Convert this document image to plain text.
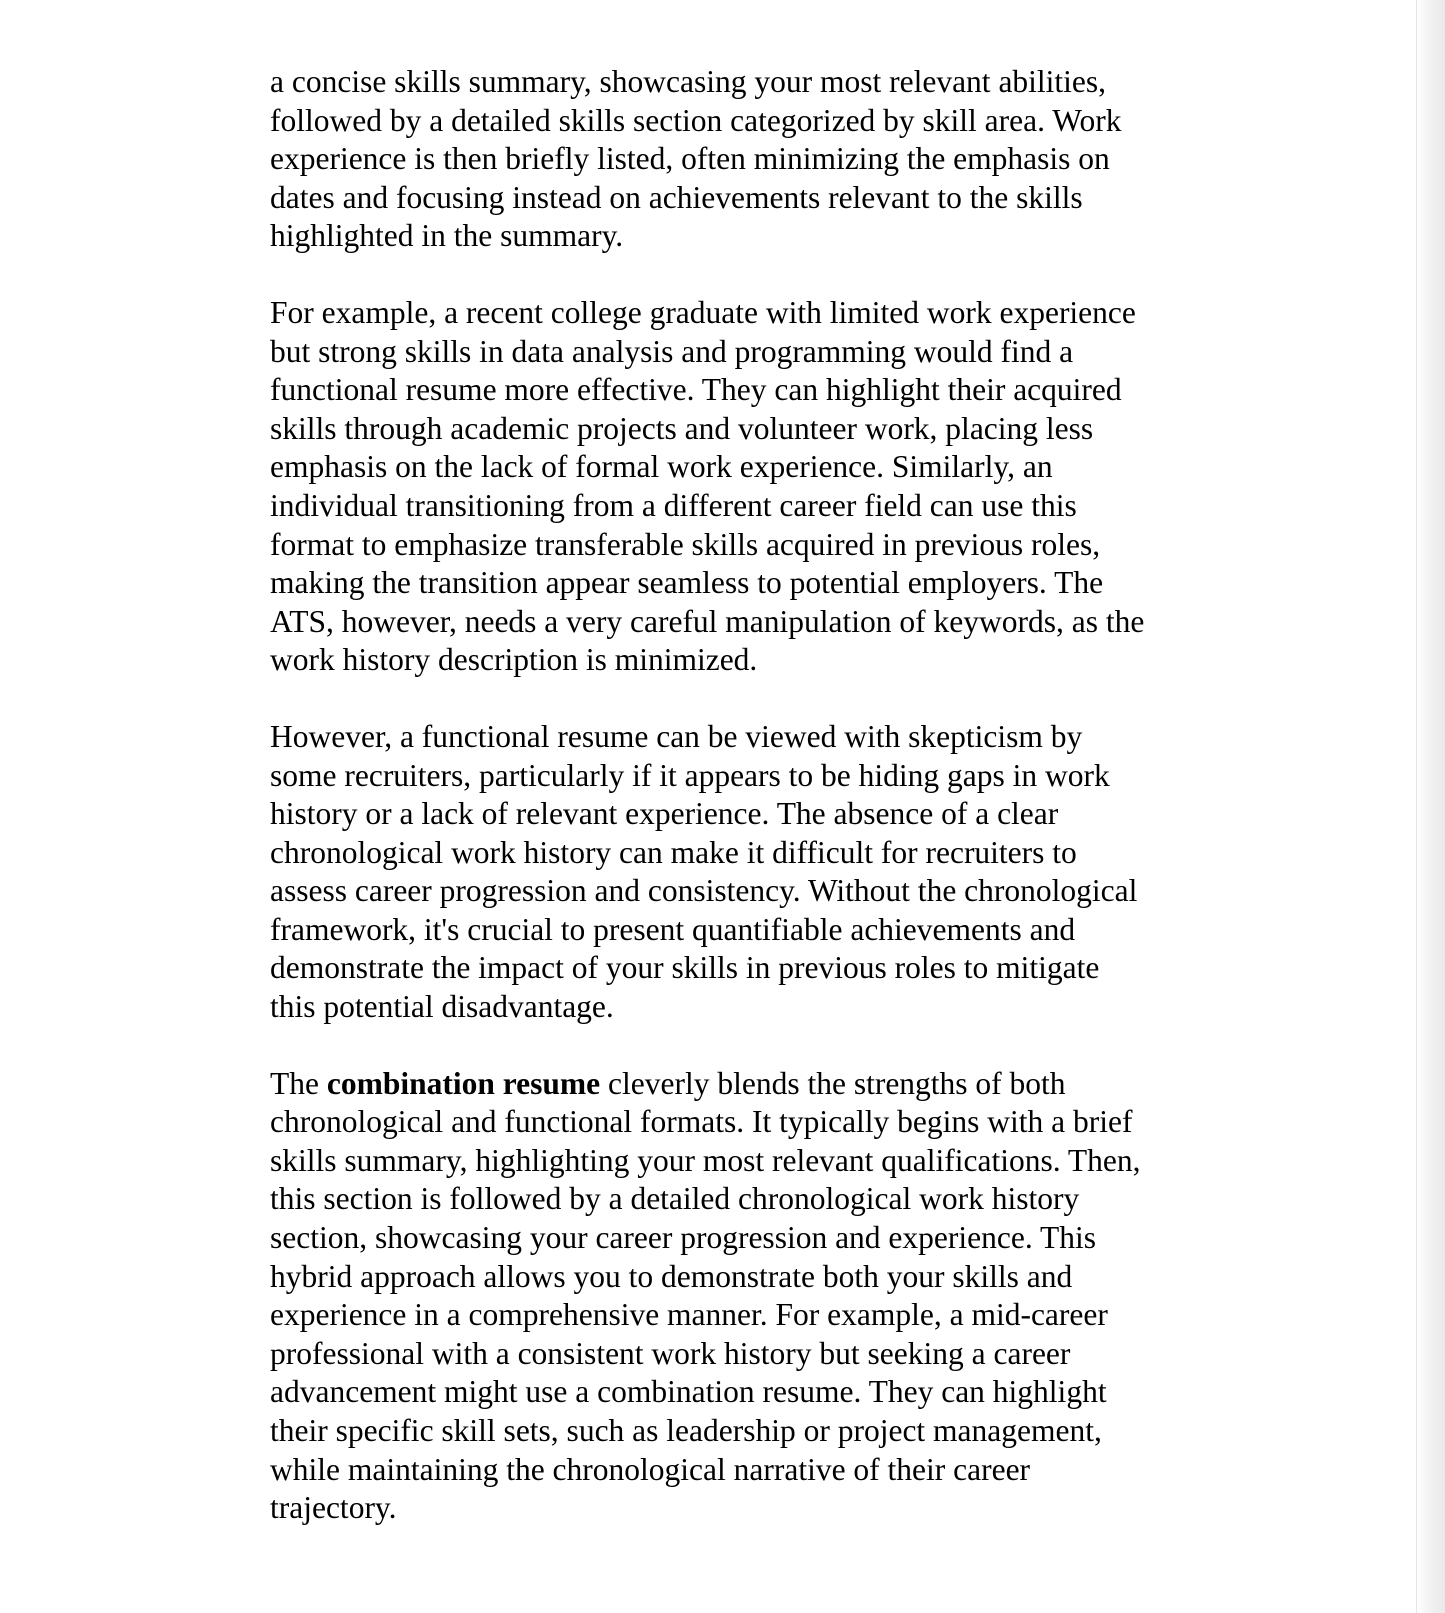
a concise skills summary, showcasing your most relevant abilities,
followed by a detailed skills section categorized by skill area. Work
experience is then briefly listed, often minimizing the emphasis on
dates and focusing instead on achievements relevant to the skills
highlighted in the summary.

For example, a recent college graduate with limited work experience
but strong skills in data analysis and programming would find a
functional resume more effective. They can highlight their acquired
skills through academic projects and volunteer work, placing less
emphasis on the lack of formal work experience. Similarly, an
individual transitioning from a different career field can use this
format to emphasize transferable skills acquired in previous roles,
making the transition appear seamless to potential employers. The
ATS, however, needs a very careful manipulation of keywords, as the
work history description is minimized.

However, a functional resume can be viewed with skepticism by
some recruiters, particularly if it appears to be hiding gaps in work
history or a lack of relevant experience. The absence of a clear
chronological work history can make it difficult for recruiters to
assess career progression and consistency. Without the chronological
framework, it's crucial to present quantifiable achievements and
demonstrate the impact of your skills in previous roles to mitigate
this potential disadvantage.

The combination resume cleverly blends the strengths of both
chronological and functional formats. It typically begins with a brief
skills summary, highlighting your most relevant qualifications. Then,
this section is followed by a detailed chronological work history
section, showcasing your career progression and experience. This
hybrid approach allows you to demonstrate both your skills and
experience in a comprehensive manner. For example, a mid-career
professional with a consistent work history but seeking a career
advancement might use a combination resume. They can highlight
their specific skill sets, such as leadership or project management,
while maintaining the chronological narrative of their career
trajectory.
